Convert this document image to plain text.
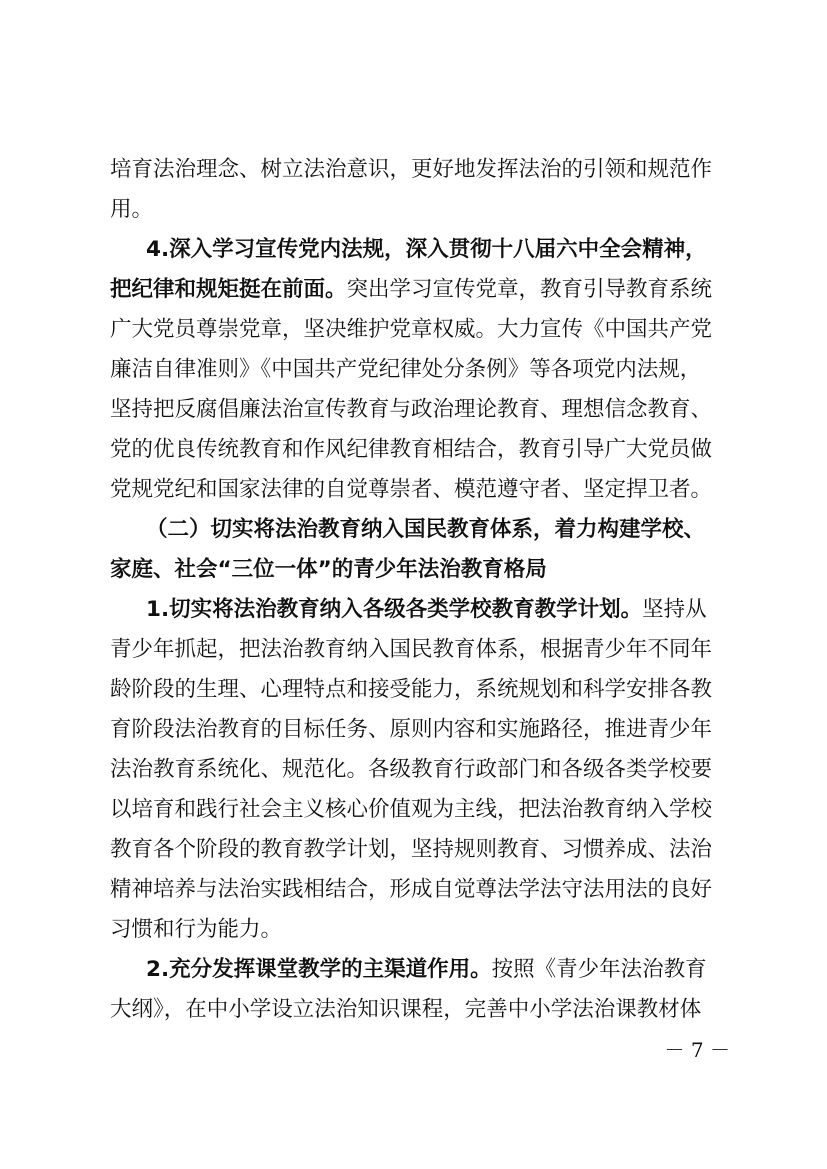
培育法治理念、树立法治意识，更好地发挥法治的引领和规范作
用。
4.深入学习宣传党内法规，深入贯彻十八届六中全会精神，
把纪律和规矩挺在前面。突出学习宣传党章，教育引导教育系统
广大党员尊崇党章，坚决维护党章权威。大力宣传《中国共产党
廉洁自律准则》《中国共产党纪律处分条例》等各项党内法规，
坚持把反腐倡廉法治宣传教育与政治理论教育、理想信念教育、
党的优良传统教育和作风纪律教育相结合，教育引导广大党员做
党规党纪和国家法律的自觉尊崇者、模范遵守者、坚定捍卫者。
（二）切实将法治教育纳入国民教育体系，着力构建学校、
家庭、社会“三位一体”的青少年法治教育格局
1.切实将法治教育纳入各级各类学校教育教学计划。坚持从
青少年抓起，把法治教育纳入国民教育体系，根据青少年不同年
龄阶段的生理、心理特点和接受能力，系统规划和科学安排各教
育阶段法治教育的目标任务、原则内容和实施路径，推进青少年
法治教育系统化、规范化。各级教育行政部门和各级各类学校要
以培育和践行社会主义核心价值观为主线，把法治教育纳入学校
教育各个阶段的教育教学计划，坚持规则教育、习惯养成、法治
精神培养与法治实践相结合，形成自觉尊法学法守法用法的良好
习惯和行为能力。
2.充分发挥课堂教学的主渠道作用。按照《青少年法治教育
大纲》，在中小学设立法治知识课程，完善中小学法治课教材体
－ 7 －
